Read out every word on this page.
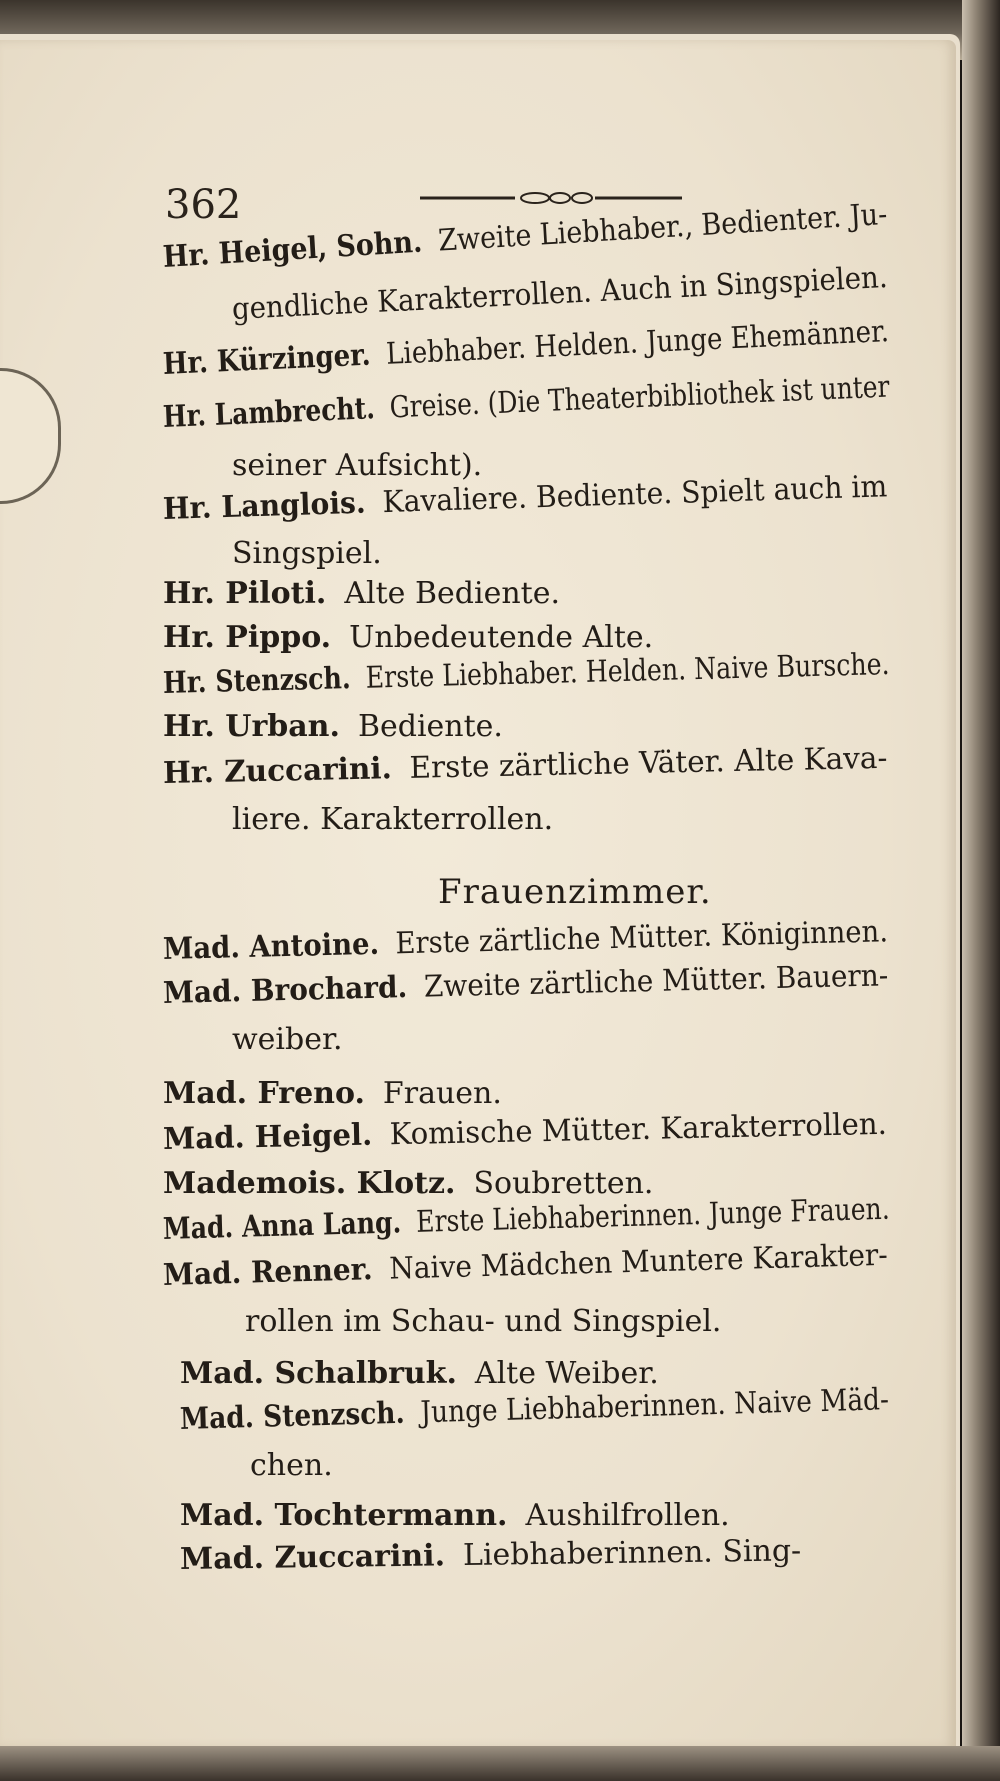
362
Hr. Heigel, Sohn. Zweite Liebhaber., Bedienter. Ju-
gendliche Karakterrollen. Auch in Singspielen.
Hr. Kürzinger. Liebhaber. Helden. Junge Ehemänner.
Hr. Lambrecht. Greise. (Die Theaterbibliothek ist unter
seiner Aufsicht).
Hr. Langlois. Kavaliere. Bediente. Spielt auch im
Singspiel.
Hr. Piloti. Alte Bediente.
Hr. Pippo. Unbedeutende Alte.
Hr. Stenzsch. Erste Liebhaber. Helden. Naive Bursche.
Hr. Urban. Bediente.
Hr. Zuccarini. Erste zärtliche Väter. Alte Kava-
liere. Karakterrollen.
Frauenzimmer.
Mad. Antoine. Erste zärtliche Mütter. Königinnen.
Mad. Brochard. Zweite zärtliche Mütter. Bauern-
weiber.
Mad. Freno. Frauen.
Mad. Heigel. Komische Mütter. Karakterrollen.
Mademois. Klotz. Soubretten.
Mad. Anna Lang. Erste Liebhaberinnen. Junge Frauen.
Mad. Renner. Naive Mädchen Muntere Karakter-
rollen im Schau- und Singspiel.
Mad. Schalbruk. Alte Weiber.
Mad. Stenzsch. Junge Liebhaberinnen. Naive Mäd-
chen.
Mad. Tochtermann. Aushilfrollen.
Mad. Zuccarini. Liebhaberinnen. Sing-
